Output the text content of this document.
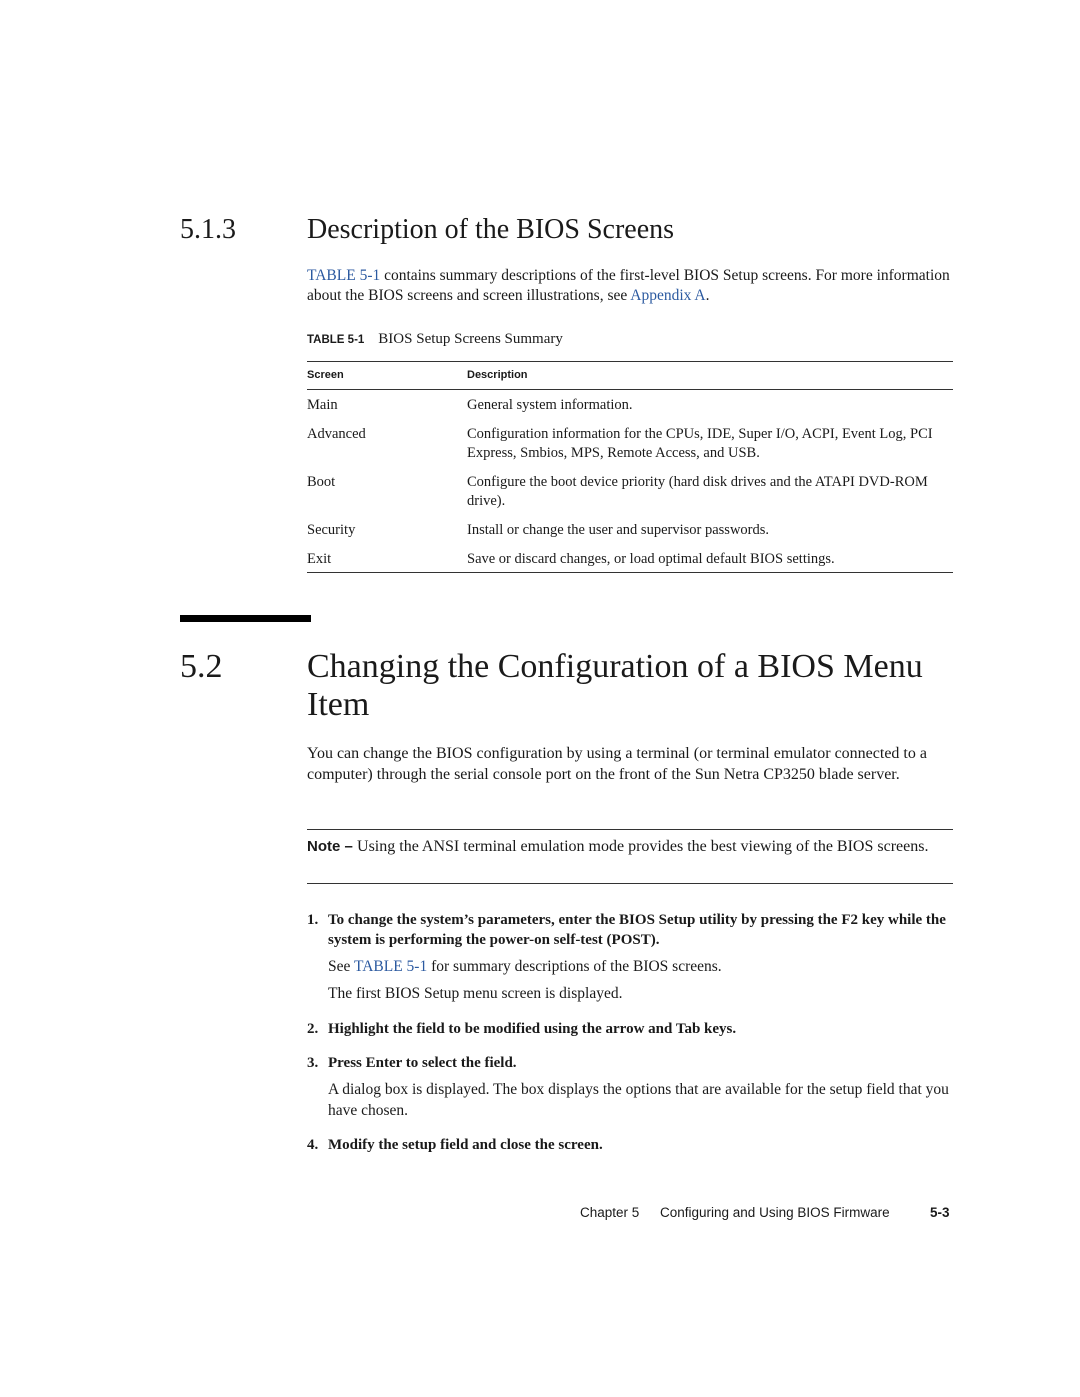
5.1.3	Description of the BIOS Screens
TABLE 5-1 contains summary descriptions of the first-level BIOS Setup screens. For more information about the BIOS screens and screen illustrations, see Appendix A.
TABLE 5-1 BIOS Setup Screens Summary
Screen	Description
Main	General system information.
Advanced	Configuration information for the CPUs, IDE, Super I/O, ACPI, Event Log, PCI Express, Smbios, MPS, Remote Access, and USB.
Boot	Configure the boot device priority (hard disk drives and the ATAPI DVD-ROM drive).
Security	Install or change the user and supervisor passwords.
Exit	Save or discard changes, or load optimal default BIOS settings.
5.2 Changing the Configuration of a BIOS Menu Item
You can change the BIOS configuration by using a terminal (or terminal emulator connected to a computer) through the serial console port on the front of the Sun Netra CP3250 blade server.
Note – Using the ANSI terminal emulation mode provides the best viewing of the BIOS screens.
1. To change the system’s parameters, enter the BIOS Setup utility by pressing the F2 key while the system is performing the power-on self-test (POST).
See TABLE 5-1 for summary descriptions of the BIOS screens.
The first BIOS Setup menu screen is displayed.
2. Highlight the field to be modified using the arrow and Tab keys.
3. Press Enter to select the field.
A dialog box is displayed. The box displays the options that are available for the setup field that you have chosen.
4. Modify the setup field and close the screen.
Chapter 5 Configuring and Using BIOS Firmware	5-3
